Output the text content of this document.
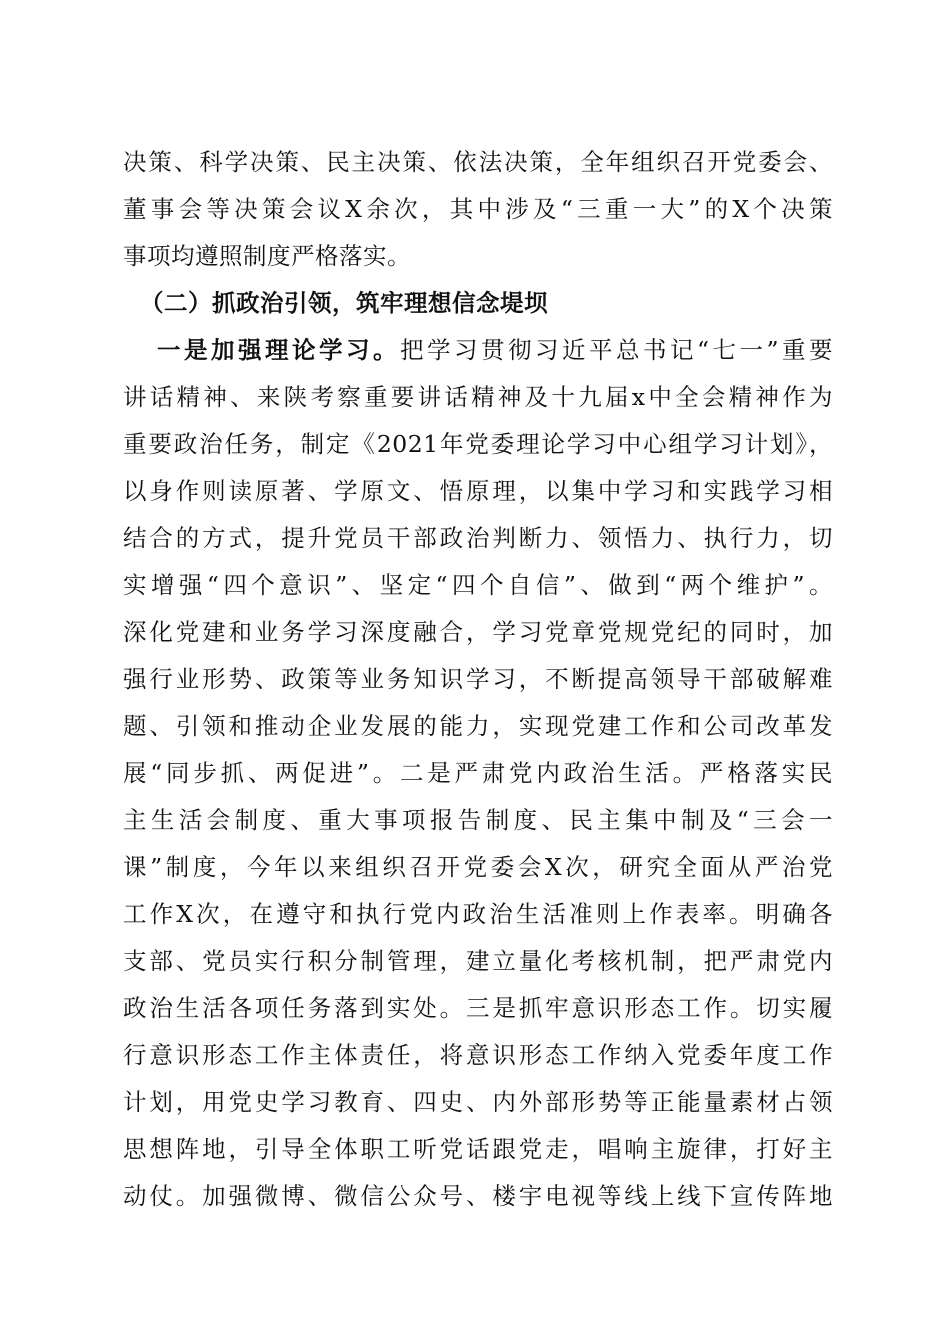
决策、科学决策、民主决策、依法决策，全年组织召开党委会、
董事会等决策会议X余次，其中涉及“三重一大”的X个决策
事项均遵照制度严格落实。
（二）抓政治引领，筑牢理想信念堤坝
一是加强理论学习。把学习贯彻习近平总书记“七一”重要
讲话精神、来陕考察重要讲话精神及十九届x中全会精神作为
重要政治任务，制定《2021年党委理论学习中心组学习计划》，
以身作则读原著、学原文、悟原理，以集中学习和实践学习相
结合的方式，提升党员干部政治判断力、领悟力、执行力，切
实增强“四个意识”、坚定“四个自信”、做到“两个维护”。
深化党建和业务学习深度融合，学习党章党规党纪的同时，加
强行业形势、政策等业务知识学习，不断提高领导干部破解难
题、引领和推动企业发展的能力，实现党建工作和公司改革发
展“同步抓、两促进”。二是严肃党内政治生活。严格落实民
主生活会制度、重大事项报告制度、民主集中制及“三会一
课”制度，今年以来组织召开党委会X次，研究全面从严治党
工作X次，在遵守和执行党内政治生活准则上作表率。明确各
支部、党员实行积分制管理，建立量化考核机制，把严肃党内
政治生活各项任务落到实处。三是抓牢意识形态工作。切实履
行意识形态工作主体责任，将意识形态工作纳入党委年度工作
计划，用党史学习教育、四史、内外部形势等正能量素材占领
思想阵地，引导全体职工听党话跟党走，唱响主旋律，打好主
动仗。加强微博、微信公众号、楼宇电视等线上线下宣传阵地
